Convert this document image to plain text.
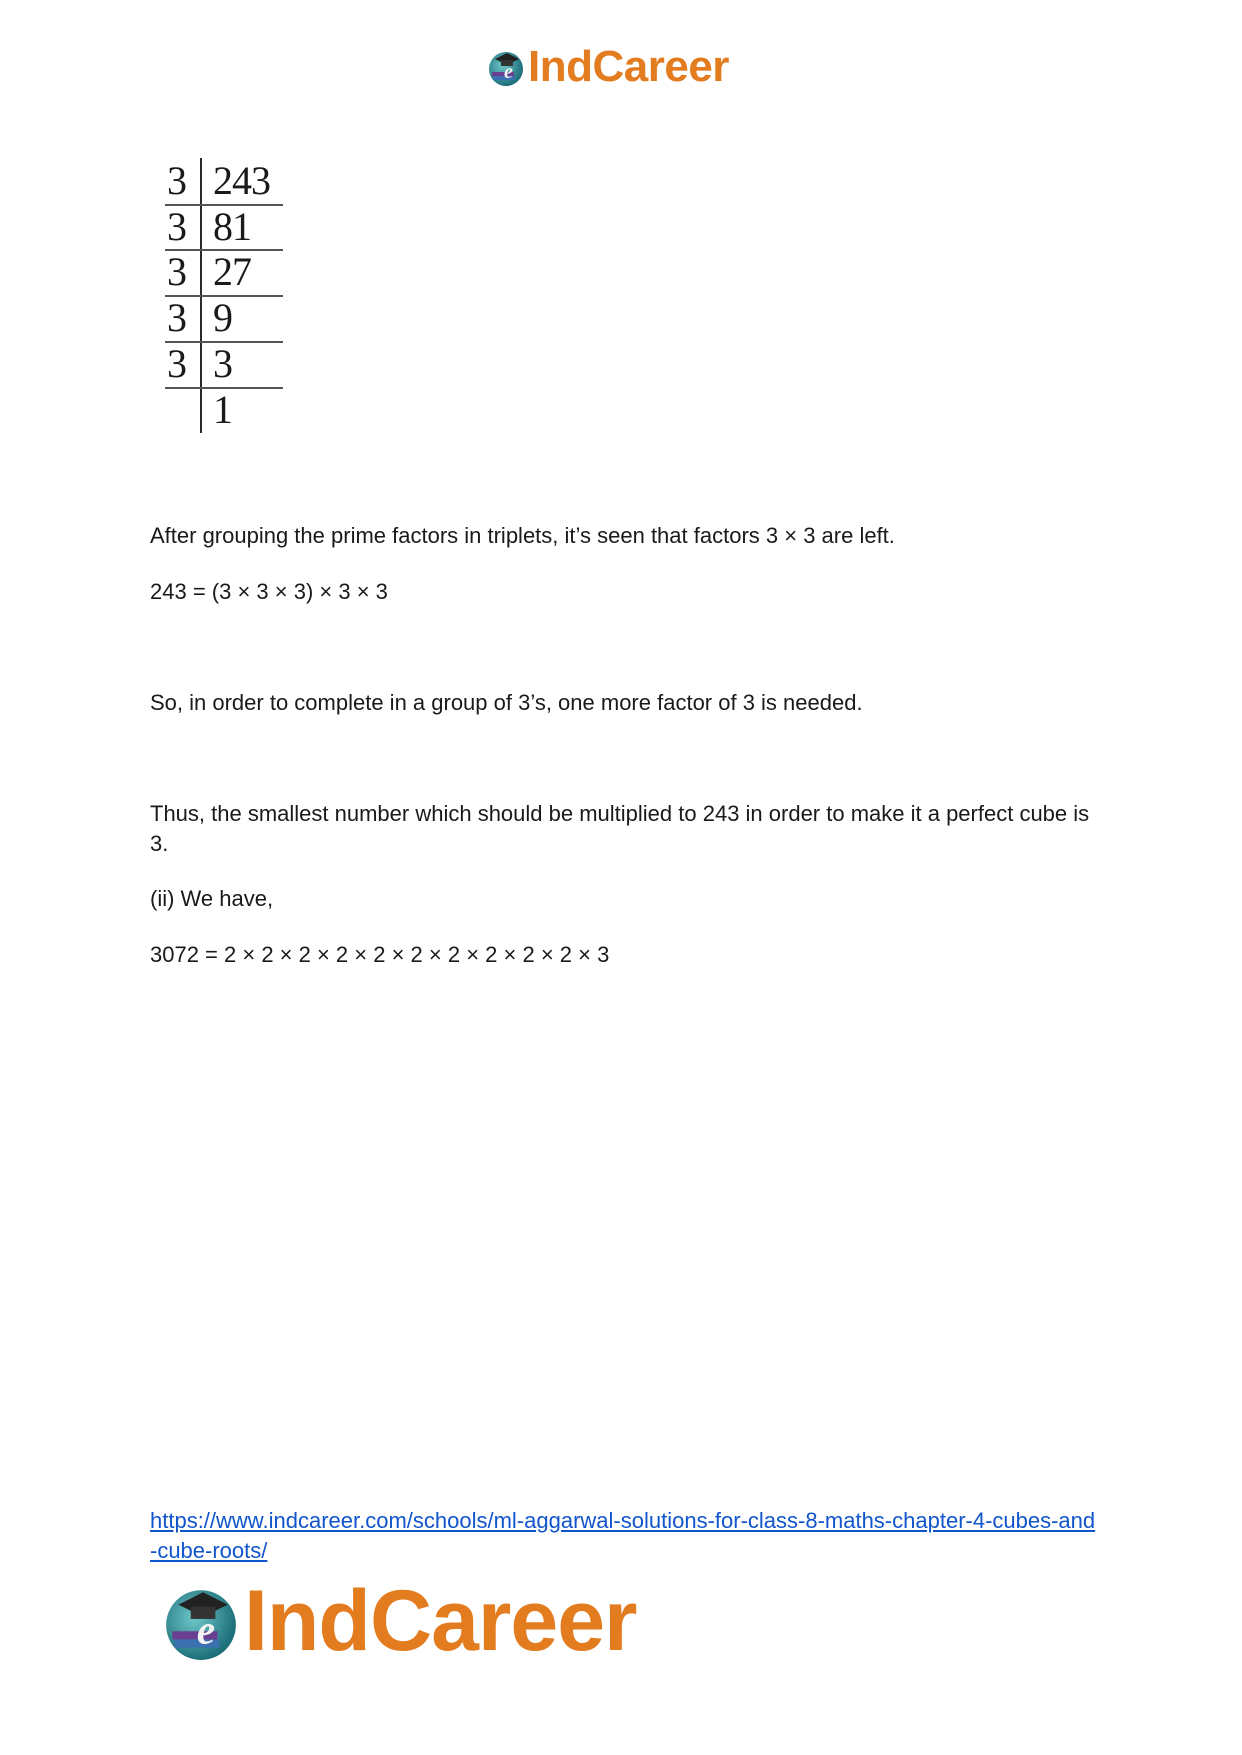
e IndCareer
3 243
3 81
3 27
3 9
3 3
1

After grouping the prime factors in triplets, it’s seen that factors 3 × 3 are left.

243 = (3 × 3 × 3) × 3 × 3

So, in order to complete in a group of 3’s, one more factor of 3 is needed.

Thus, the smallest number which should be multiplied to 243 in order to make it a perfect cube is 3.

(ii) We have,

3072 = 2 × 2 × 2 × 2 × 2 × 2 × 2 × 2 × 2 × 2 × 3

https://www.indcareer.com/schools/ml-aggarwal-solutions-for-class-8-maths-chapter-4-cubes-and-cube-roots/
e IndCareer
